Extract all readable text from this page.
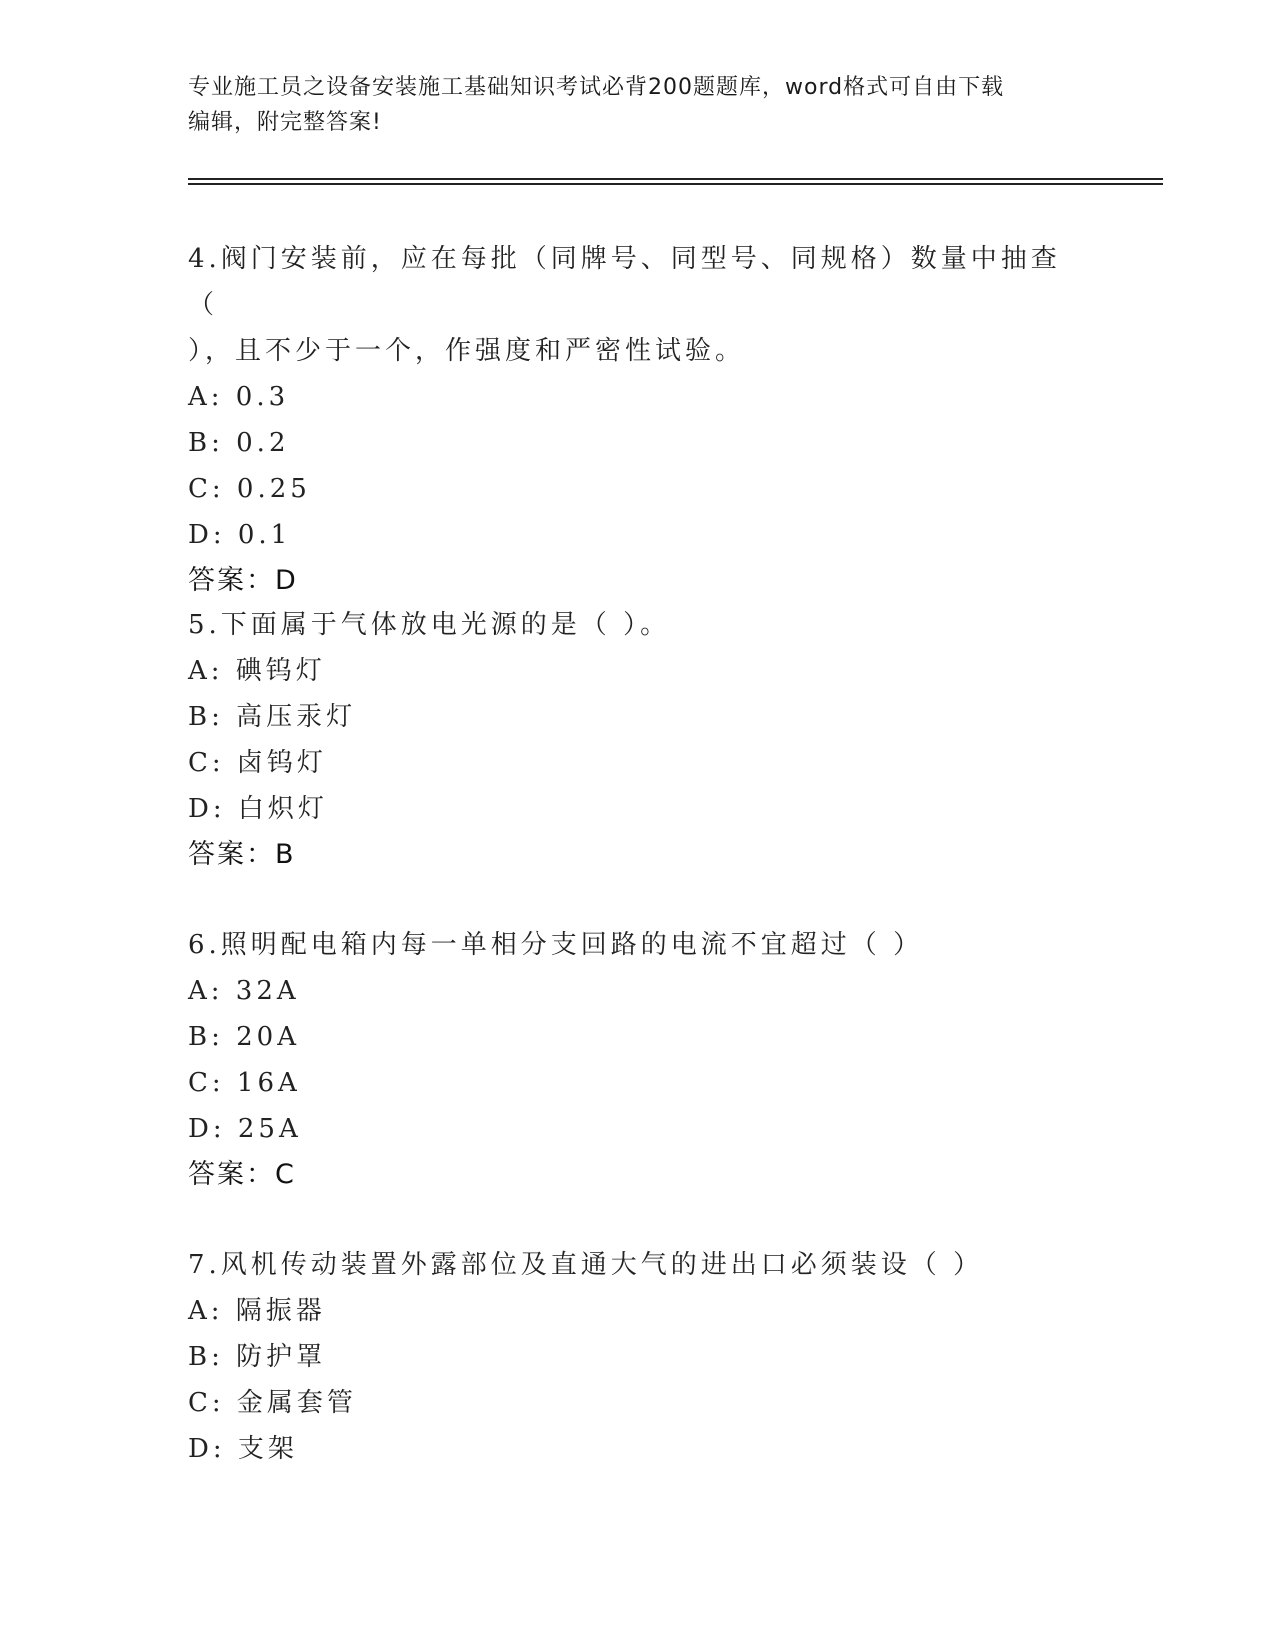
专业施工员之设备安装施工基础知识考试必背200题题库，word格式可自由下载
编辑，附完整答案!
4.阀门安装前，应在每批（同牌号、同型号、同规格）数量中抽查（
），且不少于一个，作强度和严密性试验。
A: 0.3
B: 0.2
C: 0.25
D: 0.1
答案：D
5.下面属于气体放电光源的是（ ）。
A: 碘钨灯
B: 高压汞灯
C: 卤钨灯
D: 白炽灯
答案：B
6.照明配电箱内每一单相分支回路的电流不宜超过（ ）
A: 32A
B: 20A
C: 16A
D: 25A
答案：C
7.风机传动装置外露部位及直通大气的进出口必须装设（ ）
A: 隔振器
B: 防护罩
C: 金属套管
D: 支架
